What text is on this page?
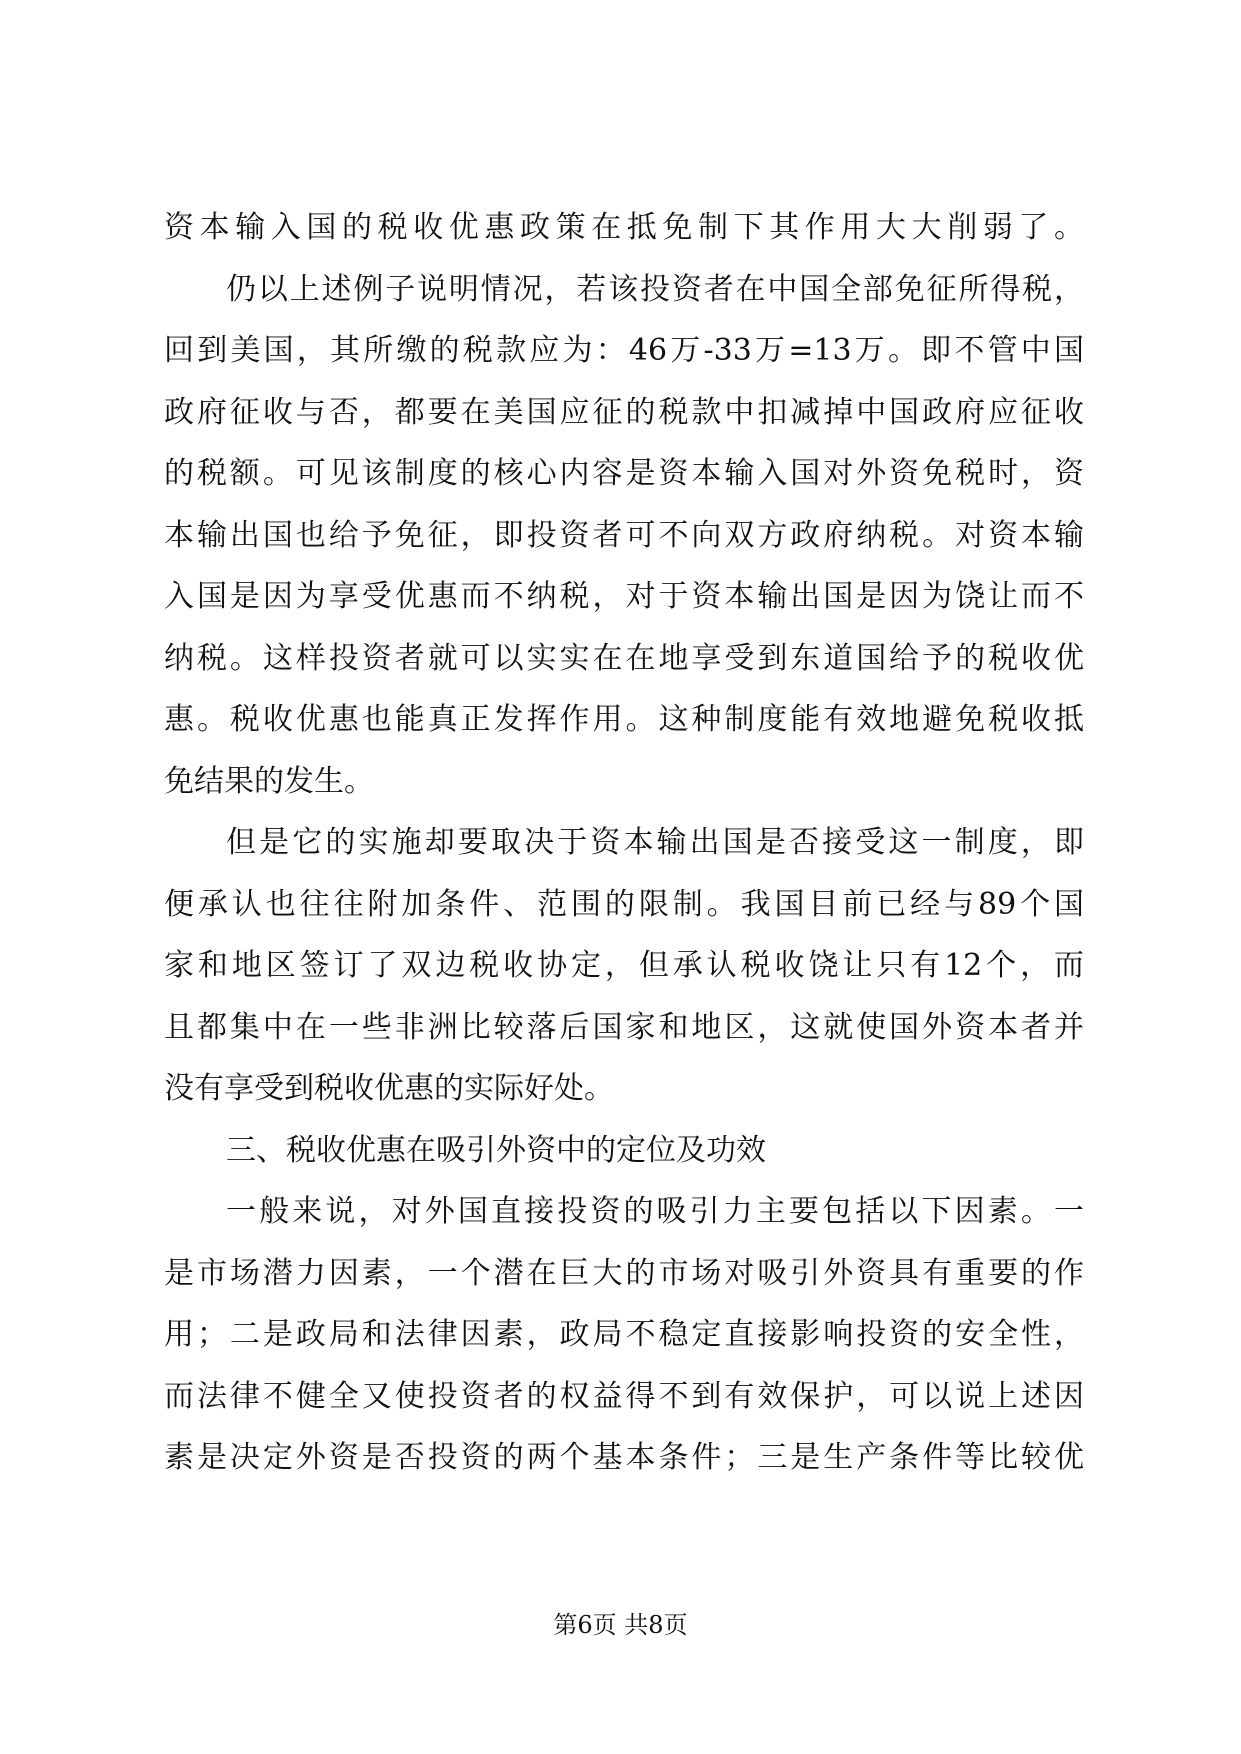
资本输入国的税收优惠政策在抵免制下其作用大大削弱了。
仍以上述例子说明情况，若该投资者在中国全部免征所得税，
回到美国，其所缴的税款应为：46万-33万=13万。即不管中国
政府征收与否，都要在美国应征的税款中扣减掉中国政府应征收
的税额。可见该制度的核心内容是资本输入国对外资免税时，资
本输出国也给予免征，即投资者可不向双方政府纳税。对资本输
入国是因为享受优惠而不纳税，对于资本输出国是因为饶让而不
纳税。这样投资者就可以实实在在地享受到东道国给予的税收优
惠。税收优惠也能真正发挥作用。这种制度能有效地避免税收抵
免结果的发生。
但是它的实施却要取决于资本输出国是否接受这一制度，即
便承认也往往附加条件、范围的限制。我国目前已经与89个国
家和地区签订了双边税收协定，但承认税收饶让只有12个，而
且都集中在一些非洲比较落后国家和地区，这就使国外资本者并
没有享受到税收优惠的实际好处。
三、税收优惠在吸引外资中的定位及功效
一般来说，对外国直接投资的吸引力主要包括以下因素。一
是市场潜力因素，一个潜在巨大的市场对吸引外资具有重要的作
用；二是政局和法律因素，政局不稳定直接影响投资的安全性，
而法律不健全又使投资者的权益得不到有效保护，可以说上述因
素是决定外资是否投资的两个基本条件；三是生产条件等比较优
第6页 共8页
